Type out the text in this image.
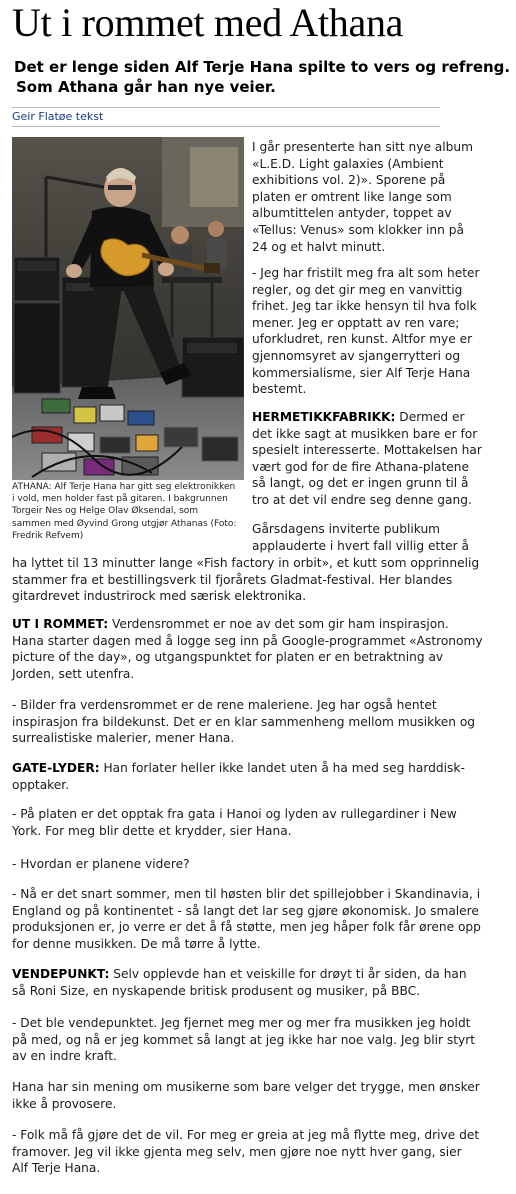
Ut i rommet med Athana
Det er lenge siden Alf Terje Hana spilte to vers og refreng.
Som Athana går han nye veier.
Geir Flatøe tekst
ATHANA: Alf Terje Hana har gitt seg elektronikken
i vold, men holder fast på gitaren. I bakgrunnen
Torgeir Nes og Helge Olav Øksendal, som
sammen med Øyvind Grong utgjør Athanas (Foto:
Fredrik Refvem)
I går presenterte han sitt nye album
«L.E.D. Light galaxies (Ambient
exhibitions vol. 2)». Sporene på
platen er omtrent like lange som
albumtittelen antyder, toppet av
«Tellus: Venus» som klokker inn på
24 og et halvt minutt.
- Jeg har fristilt meg fra alt som heter
regler, og det gir meg en vanvittig
frihet. Jeg tar ikke hensyn til hva folk
mener. Jeg er opptatt av ren vare;
uforkludret, ren kunst. Altfor mye er
gjennomsyret av sjangerrytteri og
kommersialisme, sier Alf Terje Hana
bestemt.
HERMETIKKFABRIKK: Dermed er
det ikke sagt at musikken bare er for
spesielt interesserte. Mottakelsen har
vært god for de fire Athana-platene
så langt, og det er ingen grunn til å
tro at det vil endre seg denne gang.
Gårsdagens inviterte publikum
applauderte i hvert fall villig etter å
ha lyttet til 13 minutter lange «Fish factory in orbit», et kutt som opprinnelig
stammer fra et bestillingsverk til fjorårets Gladmat-festival. Her blandes
gitardrevet industrirock med særisk elektronika.
UT I ROMMET: Verdensrommet er noe av det som gir ham inspirasjon.
Hana starter dagen med å logge seg inn på Google-programmet «Astronomy
picture of the day», og utgangspunktet for platen er en betraktning av
Jorden, sett utenfra.
- Bilder fra verdensrommet er de rene maleriene. Jeg har også hentet
inspirasjon fra bildekunst. Det er en klar sammenheng mellom musikken og
surrealistiske malerier, mener Hana.
GATE-LYDER: Han forlater heller ikke landet uten å ha med seg harddisk-
opptaker.
- På platen er det opptak fra gata i Hanoi og lyden av rullegardiner i New
York. For meg blir dette et krydder, sier Hana.
- Hvordan er planene videre?
- Nå er det snart sommer, men til høsten blir det spillejobber i Skandinavia, i
England og på kontinentet - så langt det lar seg gjøre økonomisk. Jo smalere
produksjonen er, jo verre er det å få støtte, men jeg håper folk får ørene opp
for denne musikken. De må tørre å lytte.
VENDEPUNKT: Selv opplevde han et veiskille for drøyt ti år siden, da han
så Roni Size, en nyskapende britisk produsent og musiker, på BBC.
- Det ble vendepunktet. Jeg fjernet meg mer og mer fra musikken jeg holdt
på med, og nå er jeg kommet så langt at jeg ikke har noe valg. Jeg blir styrt
av en indre kraft.
Hana har sin mening om musikerne som bare velger det trygge, men ønsker
ikke å provosere.
- Folk må få gjøre det de vil. For meg er greia at jeg må flytte meg, drive det
framover. Jeg vil ikke gjenta meg selv, men gjøre noe nytt hver gang, sier
Alf Terje Hana.
